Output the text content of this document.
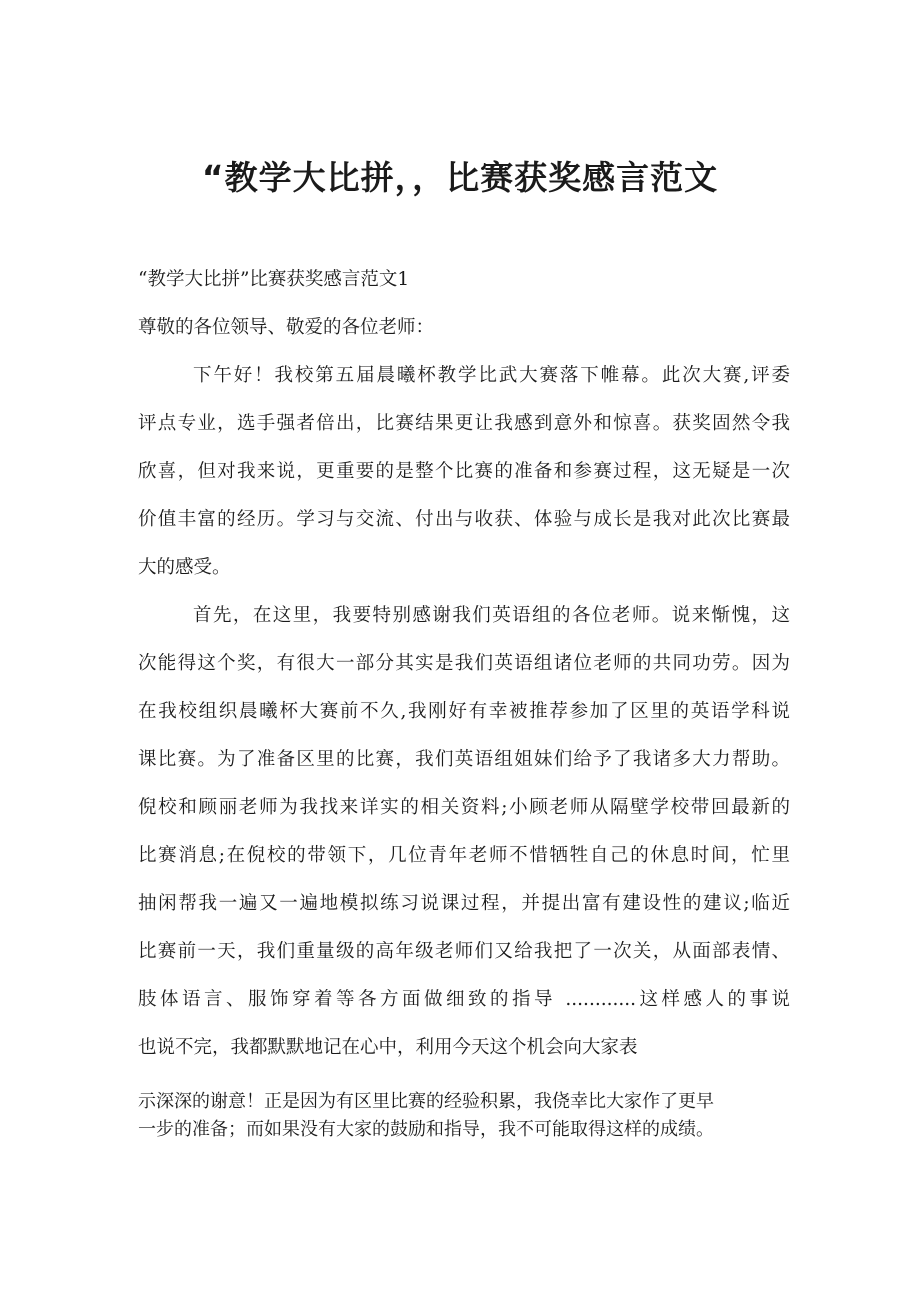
“教学大比拼，，比赛获奖感言范文

“教学大比拼”比赛获奖感言范文1

尊敬的各位领导、敬爱的各位老师：

下午好！我校第五届晨曦杯教学比武大赛落下帷幕。此次大赛,评委

评点专业，选手强者倍出，比赛结果更让我感到意外和惊喜。获奖固然令我

欣喜，但对我来说，更重要的是整个比赛的准备和参赛过程，这无疑是一次

价值丰富的经历。学习与交流、付出与收获、体验与成长是我对此次比赛最

大的感受。

首先，在这里，我要特别感谢我们英语组的各位老师。说来惭愧，这

次能得这个奖，有很大一部分其实是我们英语组诸位老师的共同功劳。因为

在我校组织晨曦杯大赛前不久,我刚好有幸被推荐参加了区里的英语学科说

课比赛。为了准备区里的比赛，我们英语组姐妹们给予了我诸多大力帮助。

倪校和顾丽老师为我找来详实的相关资料;小顾老师从隔壁学校带回最新的

比赛消息;在倪校的带领下，几位青年老师不惜牺牲自己的休息时间，忙里

抽闲帮我一遍又一遍地模拟练习说课过程，并提出富有建设性的建议;临近

比赛前一天，我们重量级的高年级老师们又给我把了一次关，从面部表情、

肢体语言、服饰穿着等各方面做细致的指导 ............这样感人的事说

也说不完，我都默默地记在心中，利用今天这个机会向大家表

示深深的谢意！正是因为有区里比赛的经验积累，我侥幸比大家作了更早

一步的准备；而如果没有大家的鼓励和指导，我不可能取得这样的成绩。
